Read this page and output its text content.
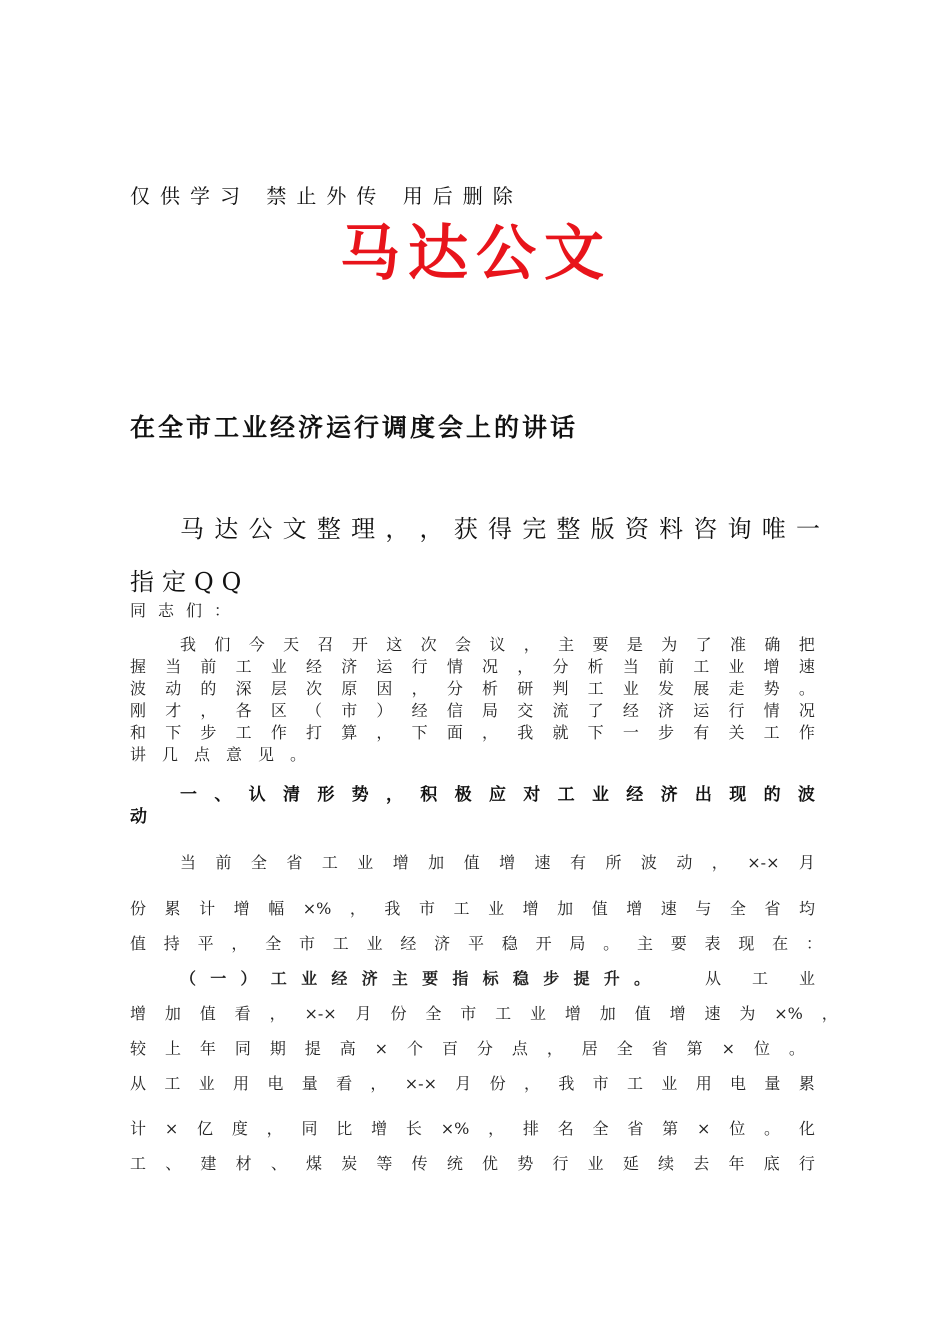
仅供学习 禁止外传 用后删除
马达公文
在全市工业经济运行调度会上的讲话
马 达 公 文 整 理 ， ， 获 得 完 整 版 资 料 咨 询 唯 一
指定QQ
同志们：
我 们 今 天 召 开 这 次 会 议 ， 主 要 是 为 了 准 确 把
握 当 前 工 业 经 济 运 行 情 况 ， 分 析 当 前 工 业 增 速
波 动 的 深 层 次 原 因 ， 分 析 研 判 工 业 发 展 走 势 。
刚 才 ， 各 区 （ 市 ） 经 信 局 交 流 了 经 济 运 行 情 况
和 下 步 工 作 打 算 ， 下 面 ， 我 就 下 一 步 有 关 工 作
讲几点意见。
一 、 认 清 形 势 ， 积 极 应 对 工 业 经 济 出 现 的 波
动
当 前 全 省 工 业 增 加 值 增 速 有 所 波 动 ， ×-× 月
份 累 计 增 幅 ×% ， 我 市 工 业 增 加 值 增 速 与 全 省 均
值 持 平 ， 全 市 工 业 经 济 平 稳 开 局 。 主 要 表 现 在 ：
（ 一 ） 工 业 经 济 主 要 指 标 稳 步 提 升 。	从 工 业
增 加 值 看 ， ×-× 月 份 全 市 工 业 增 加 值 增 速 为 ×% ，
较 上 年 同 期 提 高 × 个 百 分 点 ， 居 全 省 第 × 位 。
从 工 业 用 电 量 看 ， ×-× 月 份 ， 我 市 工 业 用 电 量 累
计 × 亿 度 ， 同 比 增 长 ×% ， 排 名 全 省 第 × 位 。 化
工 、 建 材 、 煤 炭 等 传 统 优 势 行 业 延 续 去 年 底 行
